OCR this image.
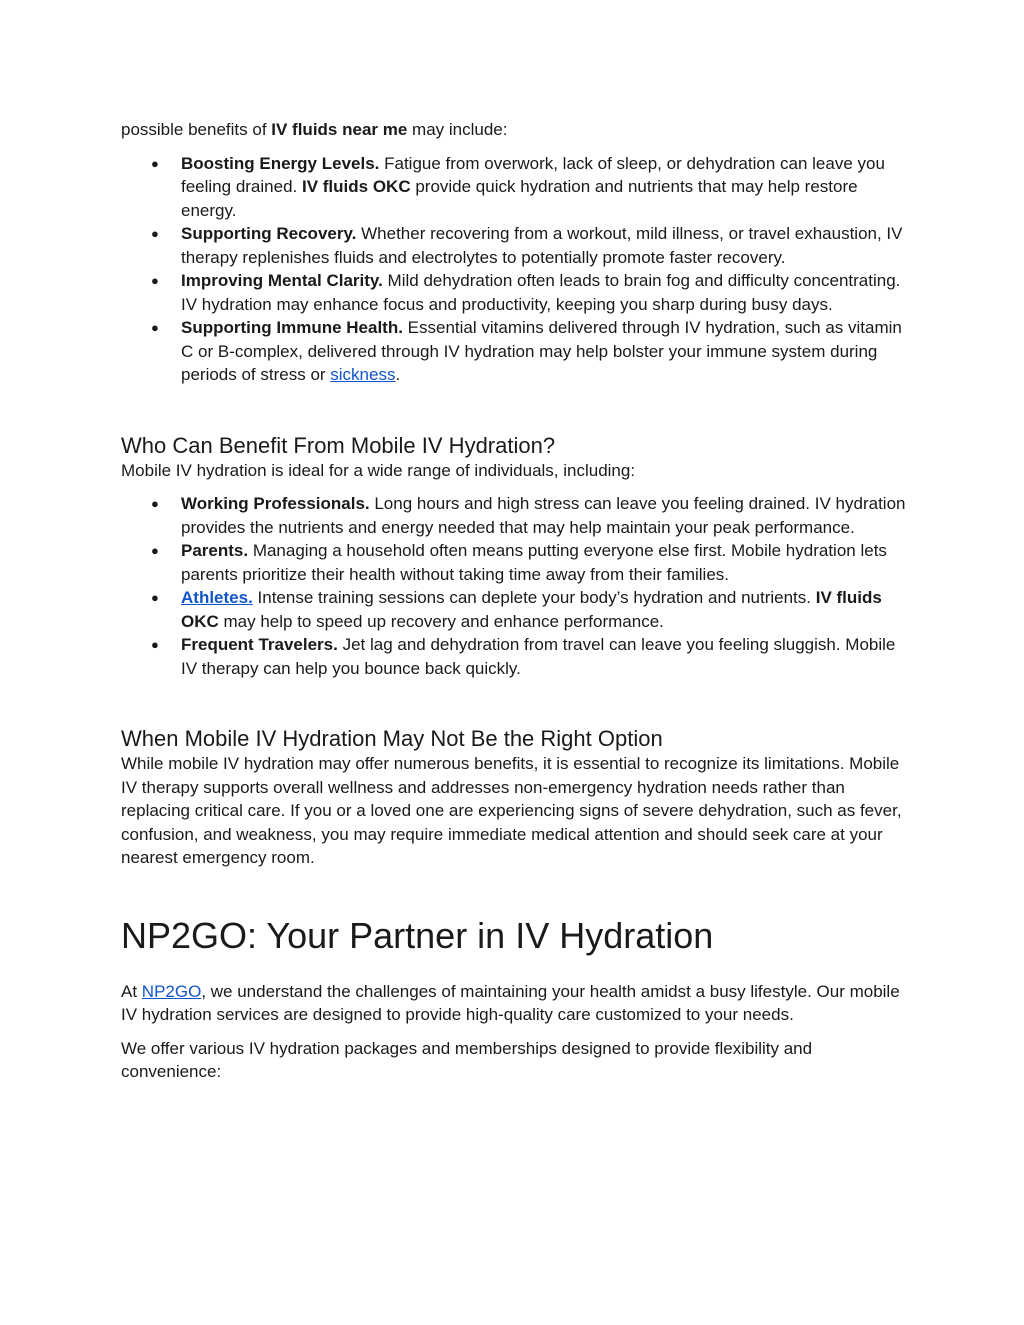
possible benefits of IV fluids near me may include:

● Boosting Energy Levels. Fatigue from overwork, lack of sleep, or dehydration can leave you feeling drained. IV fluids OKC provide quick hydration and nutrients that may help restore energy.
● Supporting Recovery. Whether recovering from a workout, mild illness, or travel exhaustion, IV therapy replenishes fluids and electrolytes to potentially promote faster recovery.
● Improving Mental Clarity. Mild dehydration often leads to brain fog and difficulty concentrating. IV hydration may enhance focus and productivity, keeping you sharp during busy days.
● Supporting Immune Health. Essential vitamins delivered through IV hydration, such as vitamin C or B-complex, delivered through IV hydration may help bolster your immune system during periods of stress or sickness.
Who Can Benefit From Mobile IV Hydration?

Mobile IV hydration is ideal for a wide range of individuals, including:

● Working Professionals. Long hours and high stress can leave you feeling drained. IV hydration provides the nutrients and energy needed that may help maintain your peak performance.
● Parents. Managing a household often means putting everyone else first. Mobile hydration lets parents prioritize their health without taking time away from their families.
● Athletes. Intense training sessions can deplete your body’s hydration and nutrients. IV fluids OKC may help to speed up recovery and enhance performance.
● Frequent Travelers. Jet lag and dehydration from travel can leave you feeling sluggish. Mobile IV therapy can help you bounce back quickly.
When Mobile IV Hydration May Not Be the Right Option

While mobile IV hydration may offer numerous benefits, it is essential to recognize its limitations. Mobile IV therapy supports overall wellness and addresses non-emergency hydration needs rather than replacing critical care. If you or a loved one are experiencing signs of severe dehydration, such as fever, confusion, and weakness, you may require immediate medical attention and should seek care at your nearest emergency room.

NP2GO: Your Partner in IV Hydration

At NP2GO, we understand the challenges of maintaining your health amidst a busy lifestyle. Our mobile IV hydration services are designed to provide high-quality care customized to your needs.

We offer various IV hydration packages and memberships designed to provide flexibility and convenience:
